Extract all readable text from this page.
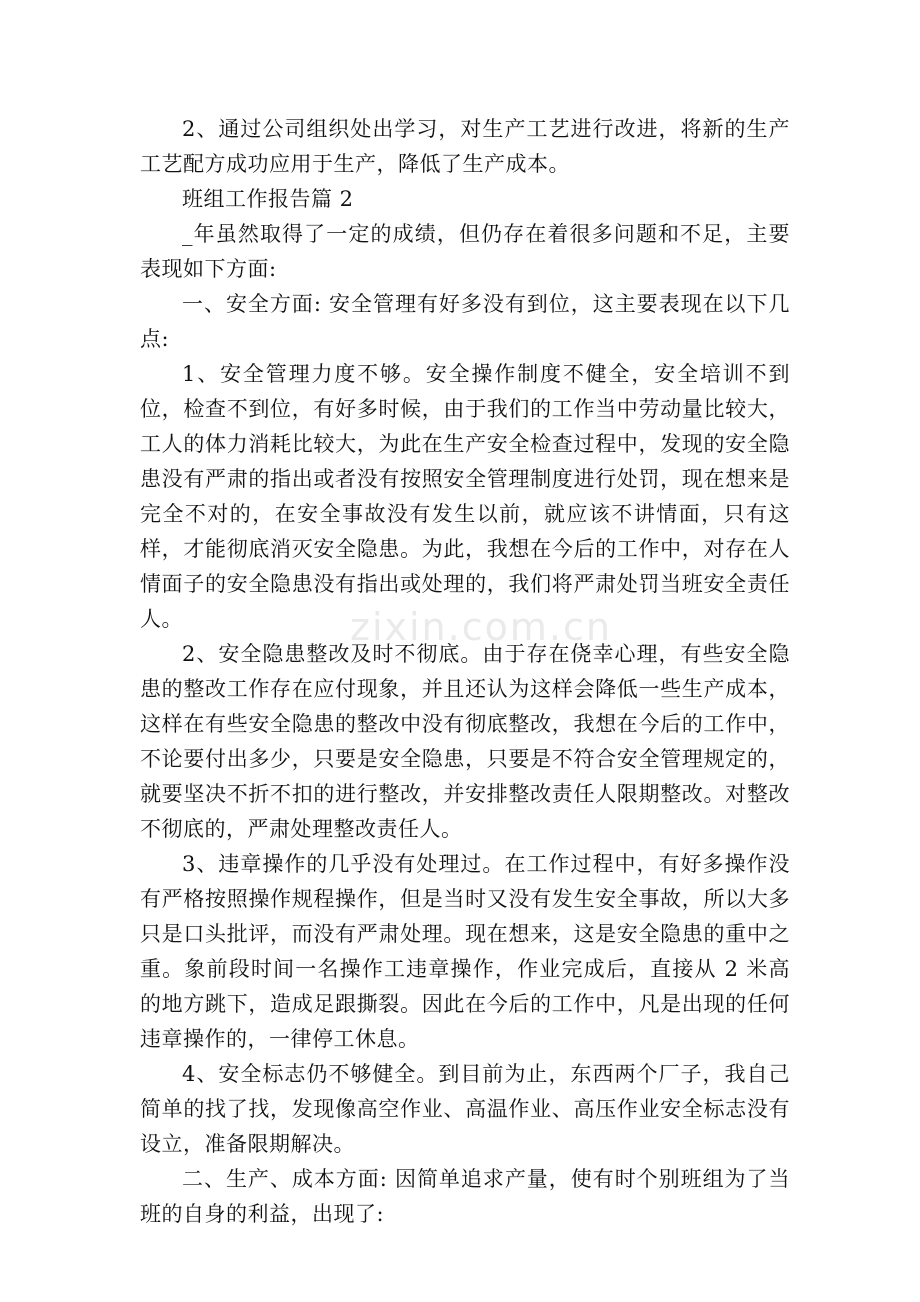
2、通过公司组织处出学习，对生产工艺进行改进，将新的生产工艺配方成功应用于生产，降低了生产成本。

班组工作报告篇 2

_年虽然取得了一定的成绩，但仍存在着很多问题和不足，主要表现如下方面:

一、安全方面: 安全管理有好多没有到位，这主要表现在以下几点:

1、安全管理力度不够。安全操作制度不健全，安全培训不到位，检查不到位，有好多时候，由于我们的工作当中劳动量比较大，工人的体力消耗比较大，为此在生产安全检查过程中，发现的安全隐患没有严肃的指出或者没有按照安全管理制度进行处罚，现在想来是完全不对的，在安全事故没有发生以前，就应该不讲情面，只有这样，才能彻底消灭安全隐患。为此，我想在今后的工作中，对存在人情面子的安全隐患没有指出或处理的，我们将严肃处罚当班安全责任人。

2、安全隐患整改及时不彻底。由于存在侥幸心理，有些安全隐患的整改工作存在应付现象，并且还认为这样会降低一些生产成本，这样在有些安全隐患的整改中没有彻底整改，我想在今后的工作中，不论要付出多少，只要是安全隐患，只要是不符合安全管理规定的，就要坚决不折不扣的进行整改，并安排整改责任人限期整改。对整改不彻底的，严肃处理整改责任人。

3、违章操作的几乎没有处理过。在工作过程中，有好多操作没有严格按照操作规程操作，但是当时又没有发生安全事故，所以大多只是口头批评，而没有严肃处理。现在想来，这是安全隐患的重中之重。象前段时间一名操作工违章操作，作业完成后，直接从 2 米高的地方跳下，造成足跟撕裂。因此在今后的工作中，凡是出现的任何违章操作的，一律停工休息。

4、安全标志仍不够健全。到目前为止，东西两个厂子，我自己简单的找了找，发现像高空作业、高温作业、高压作业安全标志没有设立，准备限期解决。

二、生产、成本方面: 因简单追求产量，使有时个别班组为了当班的自身的利益，出现了:

zixin.com.cn
